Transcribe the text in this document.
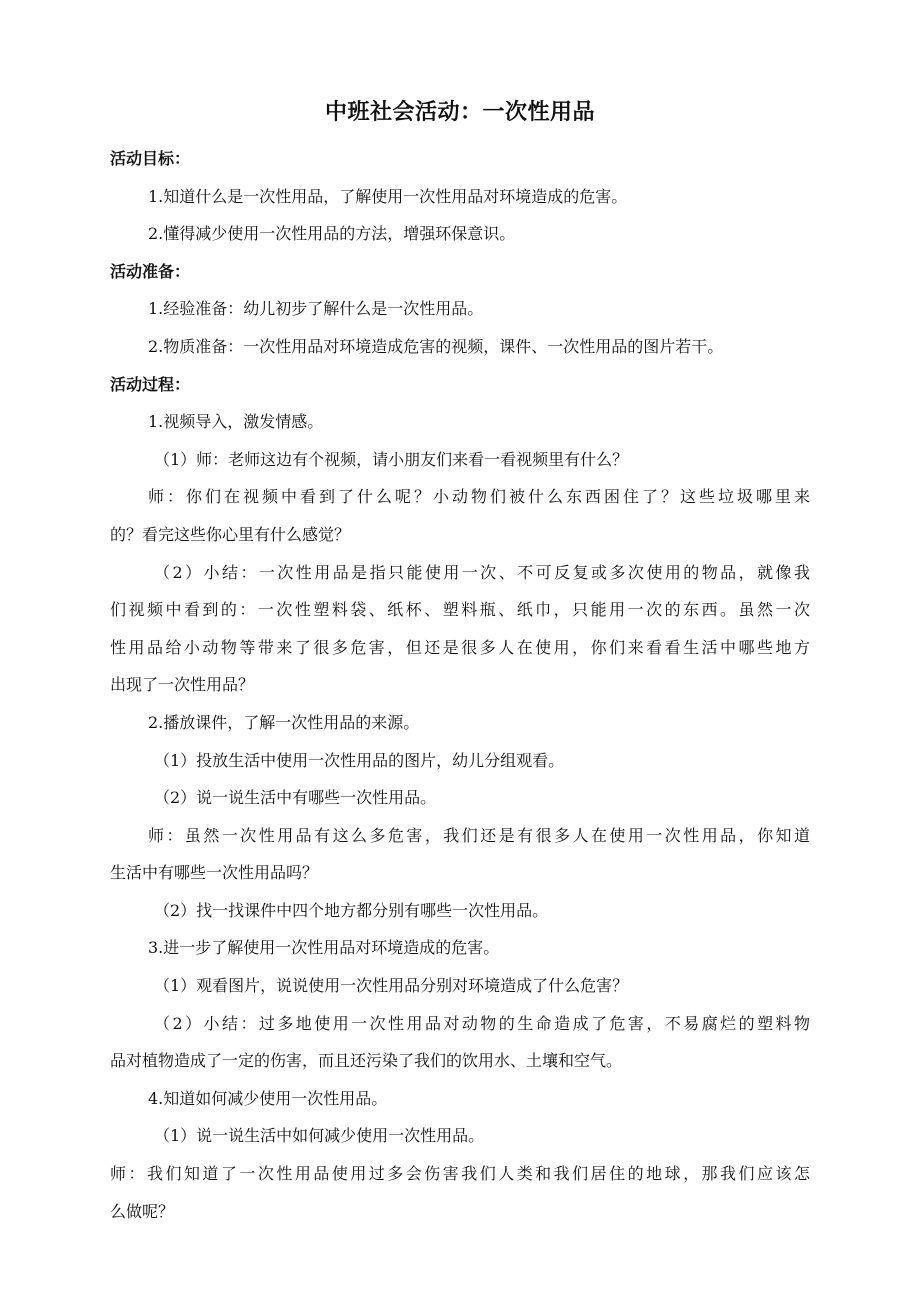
中班社会活动：一次性用品

活动目标：

1.知道什么是一次性用品，了解使用一次性用品对环境造成的危害。

2.懂得减少使用一次性用品的方法，增强环保意识。

活动准备：

1.经验准备：幼儿初步了解什么是一次性用品。

2.物质准备：一次性用品对环境造成危害的视频，课件、一次性用品的图片若干。

活动过程：

1.视频导入，激发情感。

（1）师：老师这边有个视频，请小朋友们来看一看视频里有什么？

师：你们在视频中看到了什么呢？小动物们被什么东西困住了？这些垃圾哪里来

的？看完这些你心里有什么感觉？

（2）小结：一次性用品是指只能使用一次、不可反复或多次使用的物品，就像我

们视频中看到的：一次性塑料袋、纸杯、塑料瓶、纸巾，只能用一次的东西。虽然一次

性用品给小动物等带来了很多危害，但还是很多人在使用，你们来看看生活中哪些地方

出现了一次性用品？

2.播放课件，了解一次性用品的来源。

（1）投放生活中使用一次性用品的图片，幼儿分组观看。

（2）说一说生活中有哪些一次性用品。

师：虽然一次性用品有这么多危害，我们还是有很多人在使用一次性用品，你知道

生活中有哪些一次性用品吗？

（2）找一找课件中四个地方都分别有哪些一次性用品。

3.进一步了解使用一次性用品对环境造成的危害。

（1）观看图片，说说使用一次性用品分别对环境造成了什么危害？

（2）小结：过多地使用一次性用品对动物的生命造成了危害，不易腐烂的塑料物

品对植物造成了一定的伤害，而且还污染了我们的饮用水、土壤和空气。

4.知道如何减少使用一次性用品。

（1）说一说生活中如何减少使用一次性用品。

师：我们知道了一次性用品使用过多会伤害我们人类和我们居住的地球，那我们应该怎

么做呢？
